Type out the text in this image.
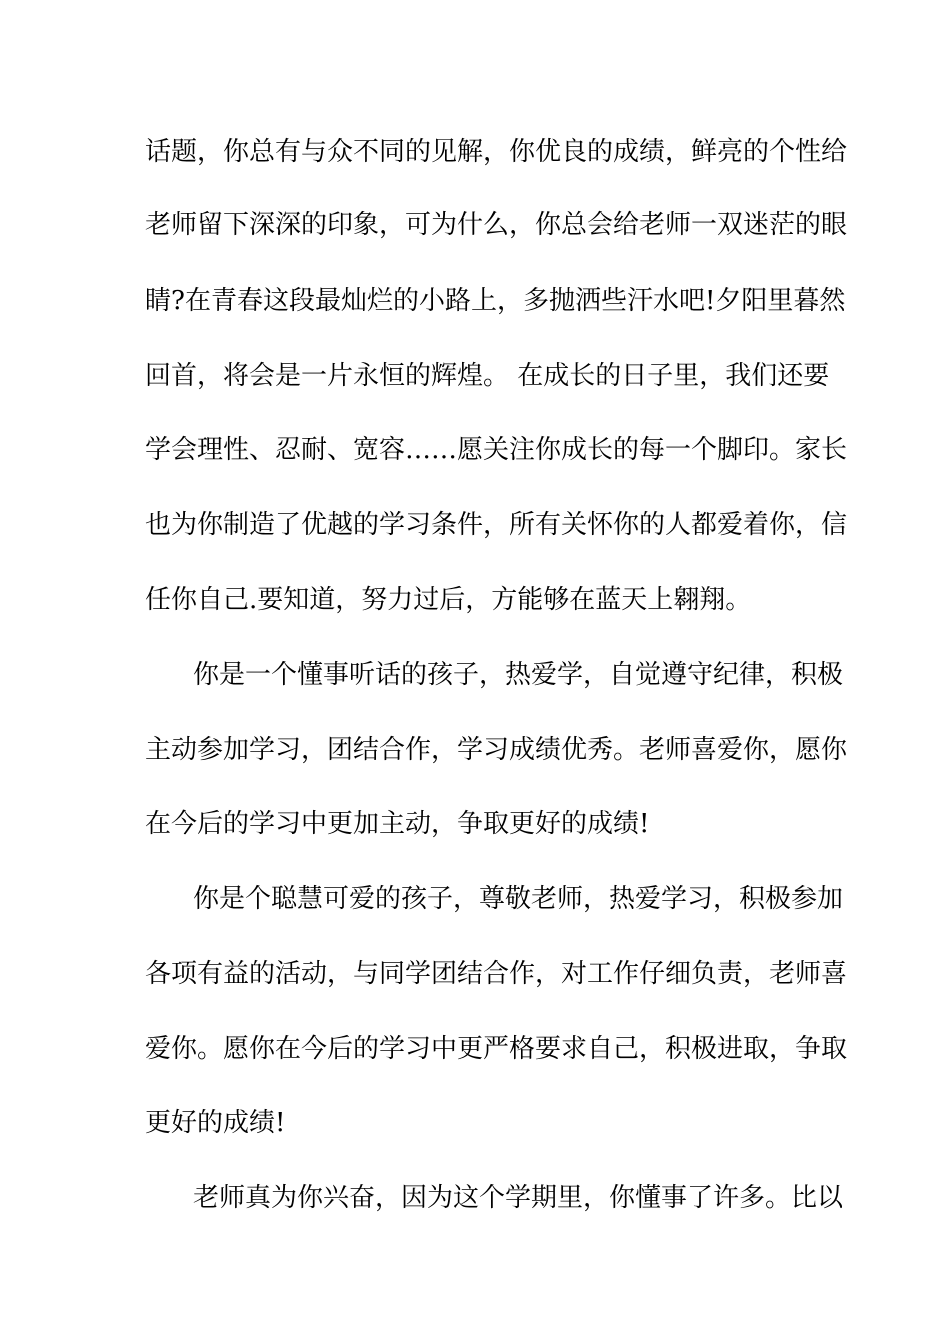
话题，你总有与众不同的见解，你优良的成绩，鲜亮的个性给
老师留下深深的印象，可为什么，你总会给老师一双迷茫的眼
睛?在青春这段最灿烂的小路上，多抛洒些汗水吧!夕阳里暮然
回首，将会是一片永恒的辉煌。 在成长的日子里，我们还要
学会理性、忍耐、宽容……愿关注你成长的每一个脚印。家长
也为你制造了优越的学习条件，所有关怀你的人都爱着你，信
任你自己.要知道，努力过后，方能够在蓝天上翱翔。
你是一个懂事听话的孩子，热爱学，自觉遵守纪律，积极
主动参加学习，团结合作，学习成绩优秀。老师喜爱你，愿你
在今后的学习中更加主动，争取更好的成绩!
你是个聪慧可爱的孩子，尊敬老师，热爱学习，积极参加
各项有益的活动，与同学团结合作，对工作仔细负责，老师喜
爱你。愿你在今后的学习中更严格要求自己，积极进取，争取
更好的成绩!
老师真为你兴奋，因为这个学期里，你懂事了许多。比以
